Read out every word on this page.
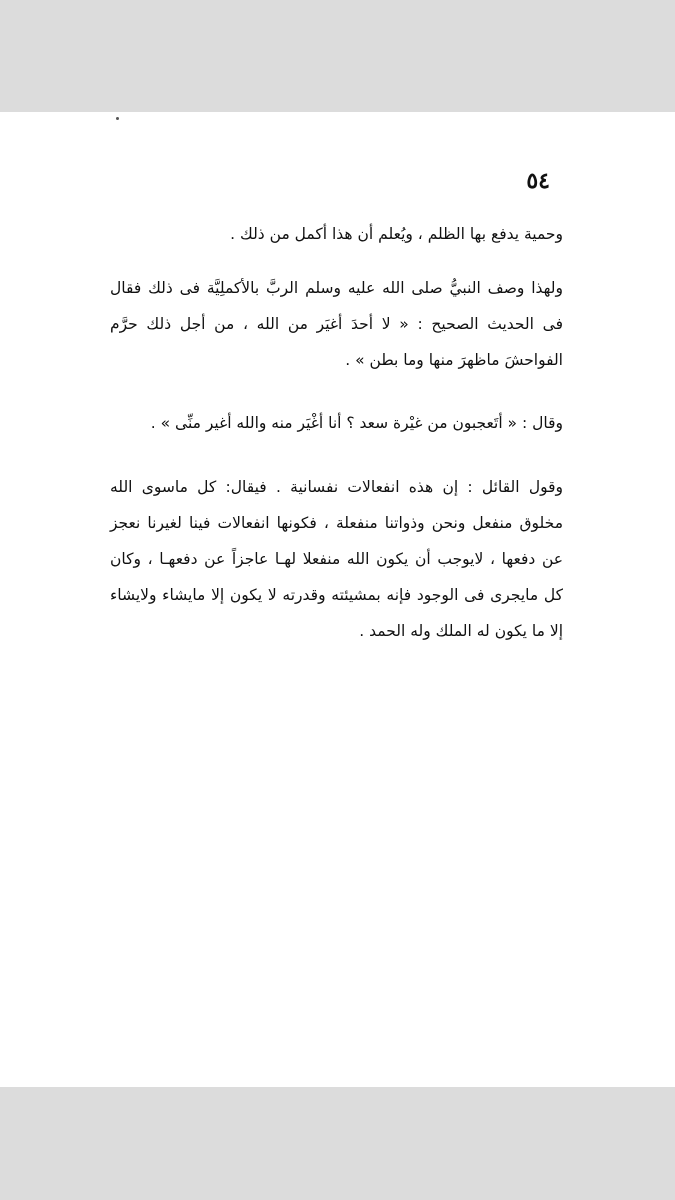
٥٤

وحمية يدفع بها الظلم ، ويُعلم أن هذا أكمل من ذلك .

ولهذا وصف النبيُّ صلى الله عليه وسلم الربَّ بالأكملِيَّة فى ذلك فقال فى الحديث الصحيح : « لا أحدَ أغيَر من الله ، من أجل ذلك حرَّم الفواحشَ ماظهرَ منها وما بطن » .

وقال : « أتَعجبون من غيْرة سعد ؟ أنا أغْيَر منه والله أغير منِّى » .

وقول القائل : إن هذه انفعالات نفسانية . فيقال: كل ماسوى الله مخلوق منفعل ونحن وذواتنا منفعلة ، فكونها انفعالات فينا لغيرنا نعجز عن دفعها ، لايوجب أن يكون الله منفعلا لهـا عاجزاً عن دفعهـا ، وكان كل مايجرى فى الوجود فإنه بمشيئته وقدرته لا يكون إلا مايشاء ولايشاء إلا ما يكون له الملك وله الحمد .
